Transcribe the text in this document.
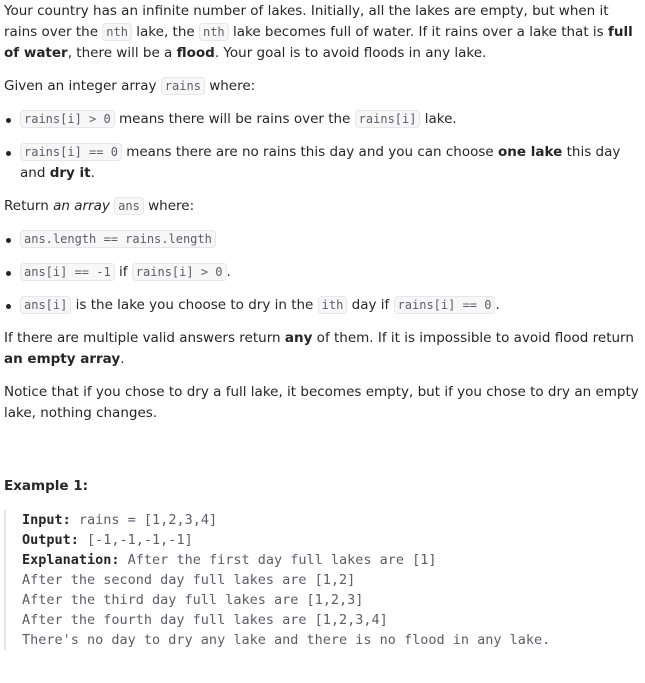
Your country has an infinite number of lakes. Initially, all the lakes are empty, but when it rains over the nth lake, the nth lake becomes full of water. If it rains over a lake that is full of water, there will be a flood. Your goal is to avoid floods in any lake.

Given an integer array rains where:

rains[i] > 0 means there will be rains over the rains[i] lake.
rains[i] == 0 means there are no rains this day and you can choose one lake this day and dry it.

Return an array ans where:

ans.length == rains.length
ans[i] == -1 if rains[i] > 0 .
ans[i] is the lake you choose to dry in the ith day if rains[i] == 0 .

If there are multiple valid answers return any of them. If it is impossible to avoid flood return an empty array.

Notice that if you chose to dry a full lake, it becomes empty, but if you chose to dry an empty lake, nothing changes.

Example 1:

Input: rains = [1,2,3,4]
Output: [-1,-1,-1,-1]
Explanation: After the first day full lakes are [1]
After the second day full lakes are [1,2]
After the third day full lakes are [1,2,3]
After the fourth day full lakes are [1,2,3,4]
There's no day to dry any lake and there is no flood in any lake.
